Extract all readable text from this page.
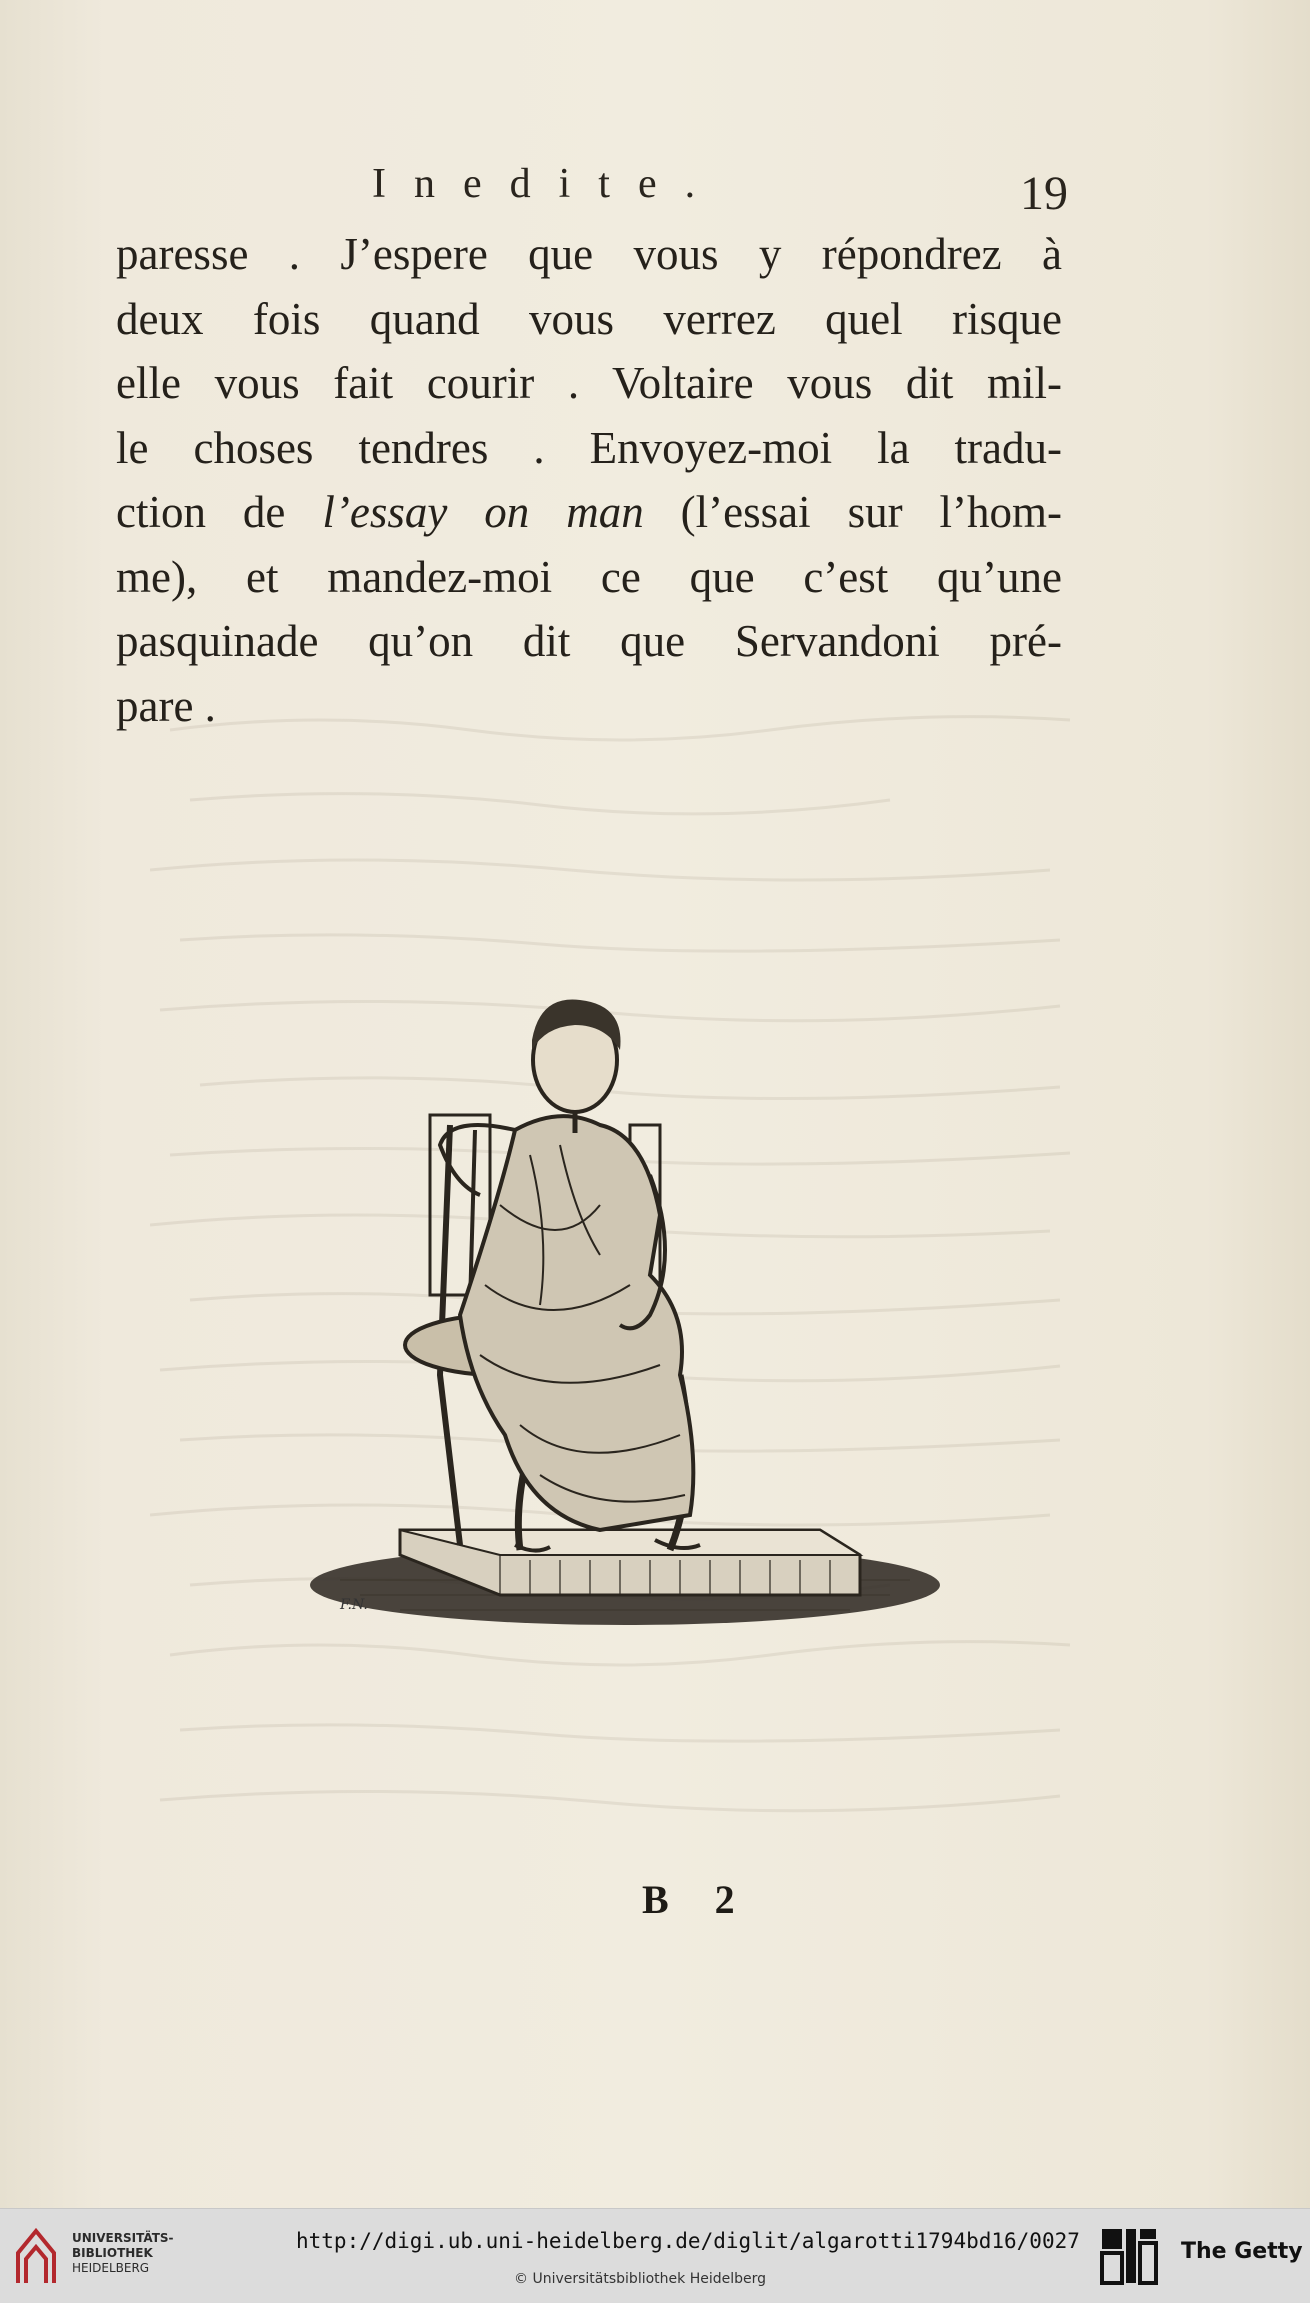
Inedite.	19
paresse . J’espere que vous y répondrez à
deux fois quand vous verrez quel risque
elle vous fait courir . Voltaire vous dit mil-
le choses tendres . Envoyez-moi la tradu-
ction de l’essay on man (l’essai sur l’hom-
me), et mandez-moi ce que c’est qu’une
pasquinade qu’on dit que Servandoni pré-
pare .
F.N.
B 2
UNIVERSITÄTS-
BIBLIOTHEK
HEIDELBERG
http://digi.ub.uni-heidelberg.de/diglit/algarotti1794bd16/0027
© Universitätsbibliothek Heidelberg
The Getty
